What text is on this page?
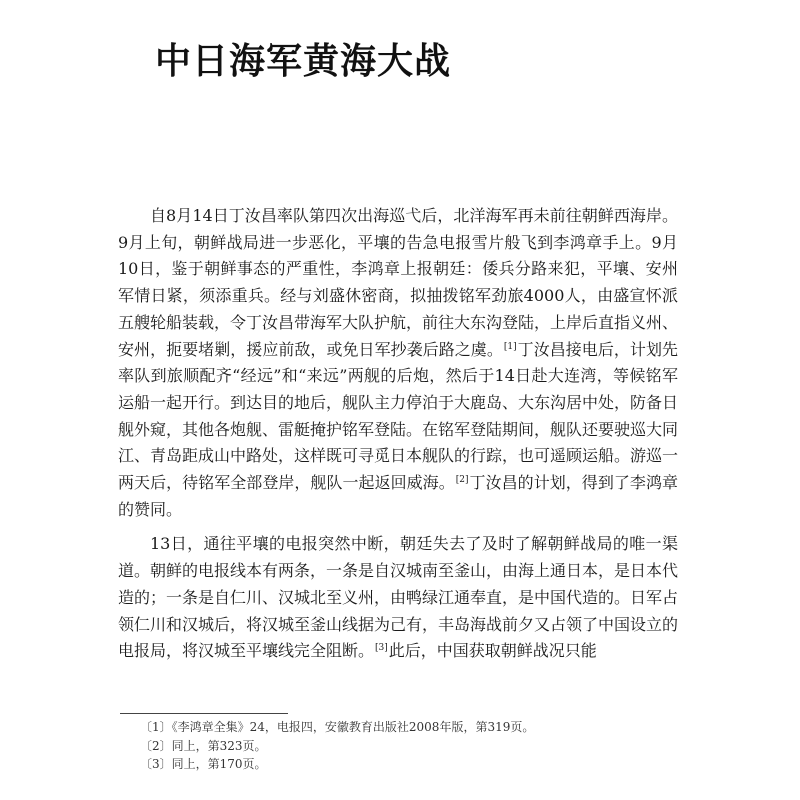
中日海军黄海大战

自8月14日丁汝昌率队第四次出海巡弋后，北洋海军再未前往朝鲜西海岸。9月上旬，朝鲜战局进一步恶化，平壤的告急电报雪片般飞到李鸿章手上。9月10日，鉴于朝鲜事态的严重性，李鸿章上报朝廷：倭兵分路来犯，平壤、安州军情日紧，须添重兵。经与刘盛休密商，拟抽拨铭军劲旅4000人，由盛宣怀派五艘轮船装载，令丁汝昌带海军大队护航，前往大东沟登陆，上岸后直指义州、安州，扼要堵剿，援应前敌，或免日军抄袭后路之虞。[1]丁汝昌接电后，计划先率队到旅顺配齐“经远”和“来远”两舰的后炮，然后于14日赴大连湾，等候铭军运船一起开行。到达目的地后，舰队主力停泊于大鹿岛、大东沟居中处，防备日舰外窥，其他各炮舰、雷艇掩护铭军登陆。在铭军登陆期间，舰队还要驶巡大同江、青岛距成山中路处，这样既可寻觅日本舰队的行踪，也可遥顾运船。游巡一两天后，待铭军全部登岸，舰队一起返回威海。[2]丁汝昌的计划，得到了李鸿章的赞同。

13日，通往平壤的电报突然中断，朝廷失去了及时了解朝鲜战局的唯一渠道。朝鲜的电报线本有两条，一条是自汉城南至釜山，由海上通日本，是日本代造的；一条是自仁川、汉城北至义州，由鸭绿江通奉直，是中国代造的。日军占领仁川和汉城后，将汉城至釜山线据为己有，丰岛海战前夕又占领了中国设立的电报局，将汉城至平壤线完全阻断。[3]此后，中国获取朝鲜战况只能

〔1〕《李鸿章全集》24，电报四，安徽教育出版社2008年版，第319页。
〔2〕同上，第323页。
〔3〕同上，第170页。
